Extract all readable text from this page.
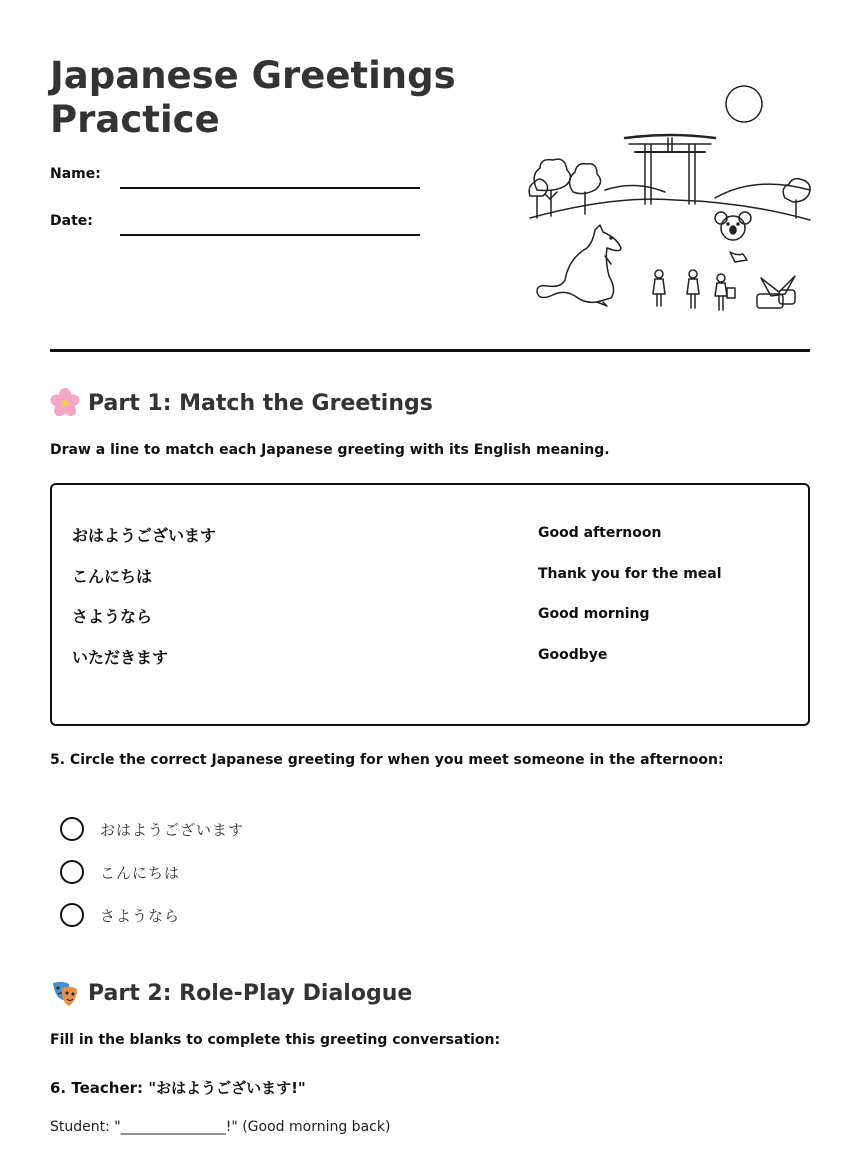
Japanese Greetings
Practice
Name:
Date:
Part 1: Match the Greetings
Draw a line to match each Japanese greeting with its English meaning.
おはようございます
こんにちは
さようなら
いただきます
Good afternoon
Thank you for the meal
Good morning
Goodbye
5. Circle the correct Japanese greeting for when you meet someone in the afternoon:
おはようございます
こんにちは
さようなら
Part 2: Role-Play Dialogue
Fill in the blanks to complete this greeting conversation:
6. Teacher: "おはようございます!"
Student: "_______________!" (Good morning back)
